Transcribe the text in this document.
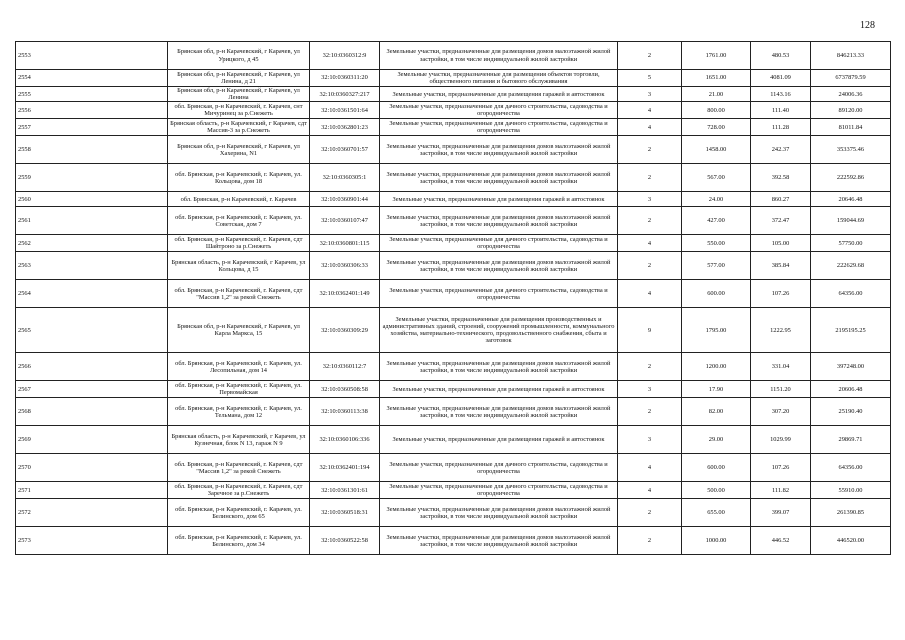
128
2553	Брянская обл, р-н Карачевский, г Карачев, ул Урицкого, д 45	32:10:0360312:9	Земельные участки, предназначенные для размещения домов малоэтажной жилой застройки, в том числе индивидуальной жилой застройки	2	1761.00	480.53	846213.33
2554	Брянская обл, р-н Карачевский, г Карачев, ул Ленина, д 21	32:10:0360311:20	Земельные участки, предназначенные для размещения объектов торговли, общественного питания и бытового обслуживания	5	1651.00	4081.09	6737879.59
2555	Брянская обл, р-н Карачевский, г Карачев, ул Ленина	32:10:0360327:217	Земельные участки, предназначенные для размещения гаражей и автостоянок	3	21.00	1143.16	24006.36
2556	обл. Брянская, р-н Карачевский, г. Карачев, снт Мичуринец за р.Снежеть	32:10:0361501:64	Земельные участки, предназначенные для дачного строительства, садоводства и огородничества	4	800.00	111.40	89120.00
2557	Брянская область, р-н Карачевский, г Карачев, сдт Массив-3 за р.Снежеть	32:10:0362801:23	Земельные участки, предназначенные для дачного строительства, садоводства и огородничества	4	728.00	111.28	81011.84
2558	Брянская обл, р-н Карачевский, г Карачев, ул Хахерина, N1	32:10:0360701:57	Земельные участки, предназначенные для размещения домов малоэтажной жилой застройки, в том числе индивидуальной жилой застройки	2	1458.00	242.37	353375.46
2559	обл. Брянская, р-н Карачевский, г. Карачев, ул. Кольцова, дом 18	32:10:0360305:1	Земельные участки, предназначенные для размещения домов малоэтажной жилой застройки, в том числе индивидуальной жилой застройки	2	567.00	392.58	222592.86
2560	обл. Брянская, р-н Карачевский, г. Карачев	32:10:0360901:44	Земельные участки, предназначенные для размещения гаражей и автостоянок	3	24.00	860.27	20646.48
2561	обл. Брянская, р-н Карачевский, г. Карачев, ул. Советская, дом 7	32:10:0360107:47	Земельные участки, предназначенные для размещения домов малоэтажной жилой застройки, в том числе индивидуальной жилой застройки	2	427.00	372.47	159044.69
2562	обл. Брянская, р-н Карачевский, г. Карачев, сдт Шайтроно за р.Снежеть	32:10:0360801:115	Земельные участки, предназначенные для дачного строительства, садоводства и огородничества	4	550.00	105.00	57750.00
2563	Брянская область, р-н Карачевский, г Карачев, ул Кольцова, д 15	32:10:0360306:33	Земельные участки, предназначенные для размещения домов малоэтажной жилой застройки, в том числе индивидуальной жилой застройки	2	577.00	385.84	222629.68
2564	обл. Брянская, р-н Карачевский, г. Карачев, сдт "Массив 1,2" за рекой Снежеть	32:10:0362401:149	Земельные участки, предназначенные для дачного строительства, садоводства и огородничества	4	600.00	107.26	64356.00
2565	Брянская обл, р-н Карачевский, г Карачев, ул Карла Маркса, 15	32:10:0360309:29	Земельные участки, предназначенные для размещения производственных и административных зданий, строений, сооружений промышленности, коммунального хозяйства, материально-технического, продовольственного снабжения, сбыта и заготовок	9	1795.00	1222.95	2195195.25
2566	обл. Брянская, р-н Карачевский, г. Карачев, ул. Лесопильная, дом 14	32:10:0360112:7	Земельные участки, предназначенные для размещения домов малоэтажной жилой застройки, в том числе индивидуальной жилой застройки	2	1200.00	331.04	397248.00
2567	обл. Брянская, р-н Карачевский, г. Карачев, ул. Первомайская	32:10:0360508:58	Земельные участки, предназначенные для размещения гаражей и автостоянок	3	17.90	1151.20	20606.48
2568	обл. Брянская, р-н Карачевский, г. Карачев, ул. Тельмана, дом 12	32:10:0360113:38	Земельные участки, предназначенные для размещения домов малоэтажной жилой застройки, в том числе индивидуальной жилой застройки	2	82.00	307.20	25190.40
2569	Брянская область, р-н Карачевский, г Карачев, ул Кузнечная, блок N 13, гараж N 9	32:10:0360106:336	Земельные участки, предназначенные для размещения гаражей и автостоянок	3	29.00	1029.99	29869.71
2570	обл. Брянская, р-н Карачевский, г. Карачев, сдт "Массив 1,2" за рекой Снежеть	32:10:0362401:194	Земельные участки, предназначенные для дачного строительства, садоводства и огородничества	4	600.00	107.26	64356.00
2571	обл. Брянская, р-н Карачевский, г. Карачев, сдт Заречное за р.Снежеть	32:10:0361301:61	Земельные участки, предназначенные для дачного строительства, садоводства и огородничества	4	500.00	111.82	55910.00
2572	обл. Брянская, р-н Карачевский, г. Карачев, ул. Белинского, дом 65	32:10:0360518:31	Земельные участки, предназначенные для размещения домов малоэтажной жилой застройки, в том числе индивидуальной жилой застройки	2	655.00	399.07	261390.85
2573	обл. Брянская, р-н Карачевский, г. Карачев, ул. Белинского, дом 34	32:10:0360522:58	Земельные участки, предназначенные для размещения домов малоэтажной жилой застройки, в том числе индивидуальной жилой застройки	2	1000.00	446.52	446520.00
